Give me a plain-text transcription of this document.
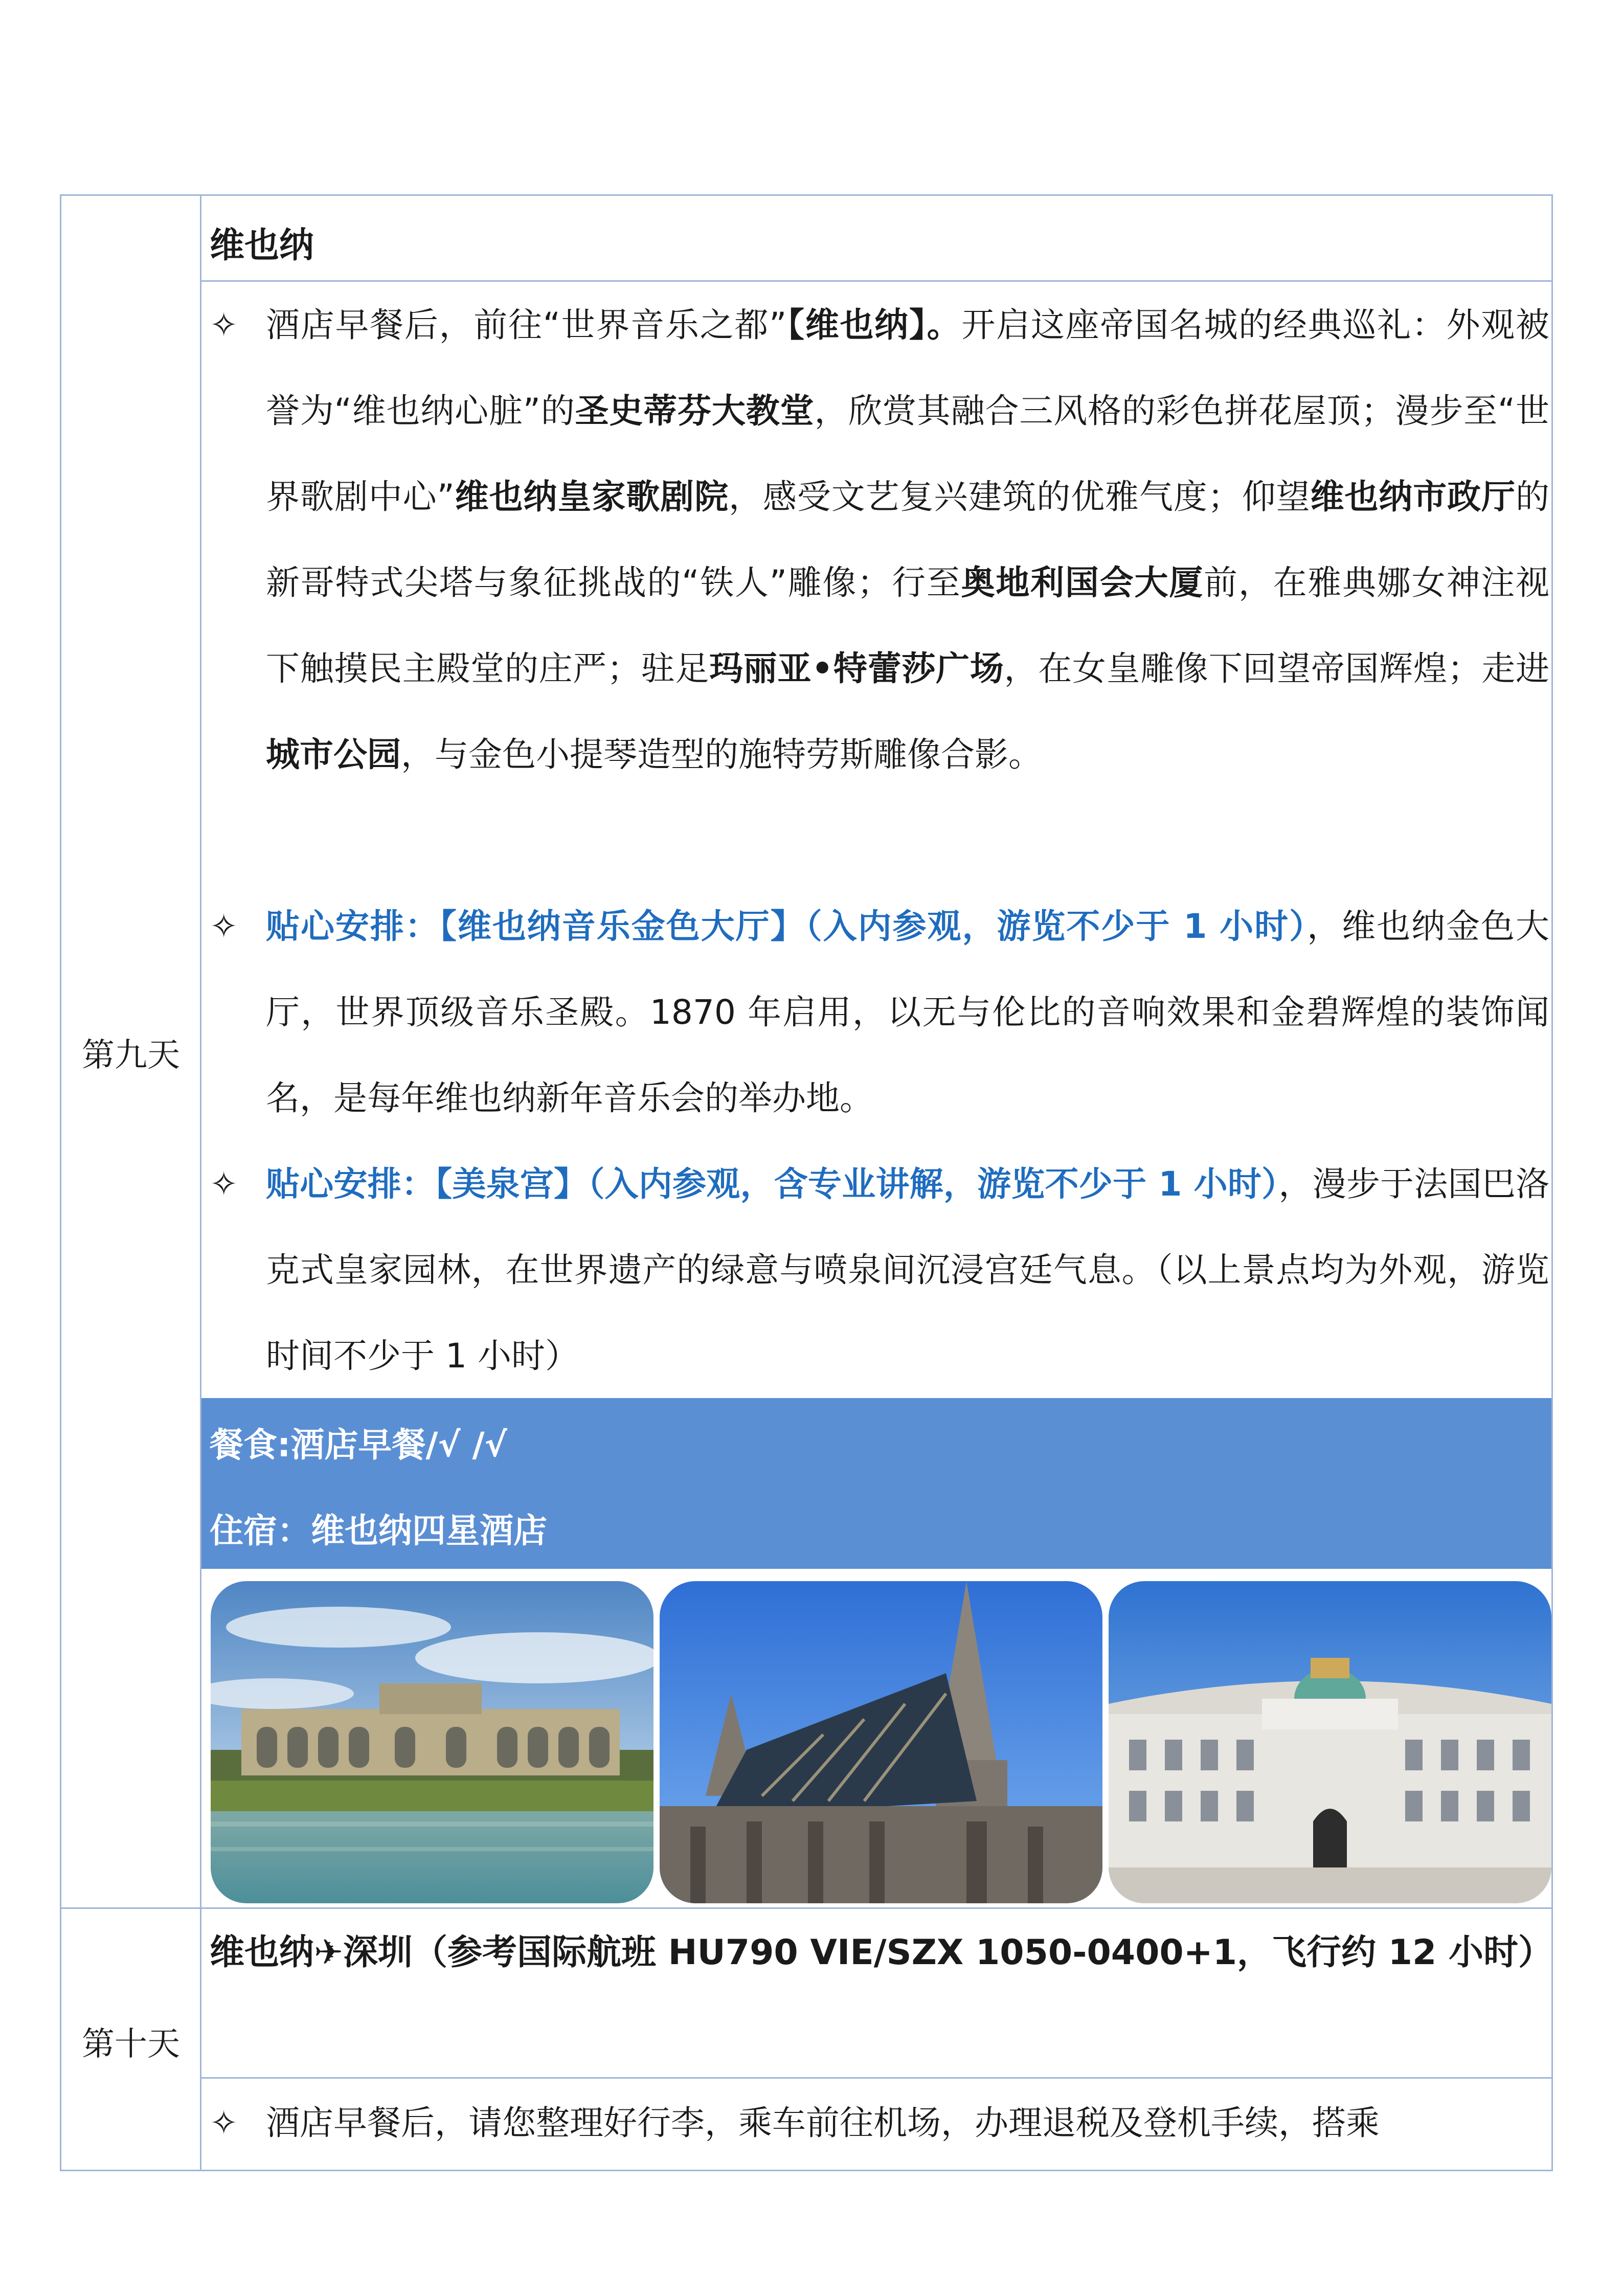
第九天
维也纳
✧ 酒店早餐后，前往“世界音乐之都”【维也纳】。开启这座帝国名城的经典巡礼：外观被誉为“维也纳心脏”的圣史蒂芬大教堂，欣赏其融合三风格的彩色拼花屋顶；漫步至“世界歌剧中心”维也纳皇家歌剧院，感受文艺复兴建筑的优雅气度；仰望维也纳市政厅的新哥特式尖塔与象征挑战的“铁人”雕像；行至奥地利国会大厦前，在雅典娜女神注视下触摸民主殿堂的庄严；驻足玛丽亚•特蕾莎广场，在女皇雕像下回望帝国辉煌；走进城市公园，与金色小提琴造型的施特劳斯雕像合影。
✧ 贴心安排：【维也纳音乐金色大厅】（入内参观，游览不少于 1 小时），维也纳金色大厅，世界顶级音乐圣殿。1870 年启用，以无与伦比的音响效果和金碧辉煌的装饰闻名，是每年维也纳新年音乐会的举办地。
✧ 贴心安排：【美泉宫】（入内参观，含专业讲解，游览不少于 1 小时），漫步于法国巴洛克式皇家园林，在世界遗产的绿意与喷泉间沉浸宫廷气息。（以上景点均为外观，游览时间不少于 1 小时）
餐食:酒店早餐/√ /√
住宿：维也纳四星酒店
第十天
维也纳✈深圳（参考国际航班 HU790 VIE/SZX 1050-0400+1，飞行约 12 小时）
✧ 酒店早餐后，请您整理好行李，乘车前往机场，办理退税及登机手续，搭乘
